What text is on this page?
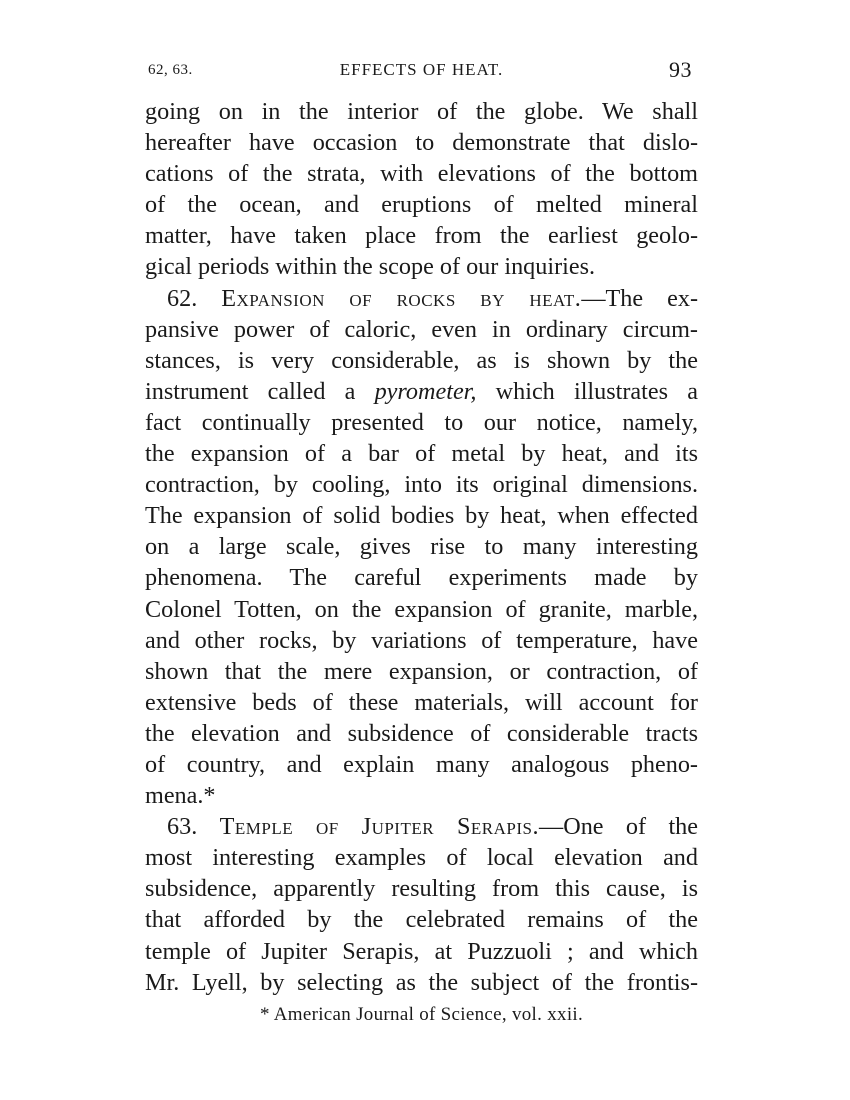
62, 63.	EFFECTS OF HEAT.	93
going on in the interior of the globe. We shall
hereafter have occasion to demonstrate that dislo-
cations of the strata, with elevations of the bottom
of the ocean, and eruptions of melted mineral
matter, have taken place from the earliest geolo-
gical periods within the scope of our inquiries.
62. Expansion of rocks by heat.—The ex-
pansive power of caloric, even in ordinary circum-
stances, is very considerable, as is shown by the
instrument called a pyrometer, which illustrates a
fact continually presented to our notice, namely,
the expansion of a bar of metal by heat, and its
contraction, by cooling, into its original dimensions.
The expansion of solid bodies by heat, when effected
on a large scale, gives rise to many interesting
phenomena. The careful experiments made by
Colonel Totten, on the expansion of granite, marble,
and other rocks, by variations of temperature, have
shown that the mere expansion, or contraction, of
extensive beds of these materials, will account for
the elevation and subsidence of considerable tracts
of country, and explain many analogous pheno-
mena.*
63. Temple of Jupiter Serapis.—One of the
most interesting examples of local elevation and
subsidence, apparently resulting from this cause, is
that afforded by the celebrated remains of the
temple of Jupiter Serapis, at Puzzuoli ; and which
Mr. Lyell, by selecting as the subject of the frontis-
* American Journal of Science, vol. xxii.
